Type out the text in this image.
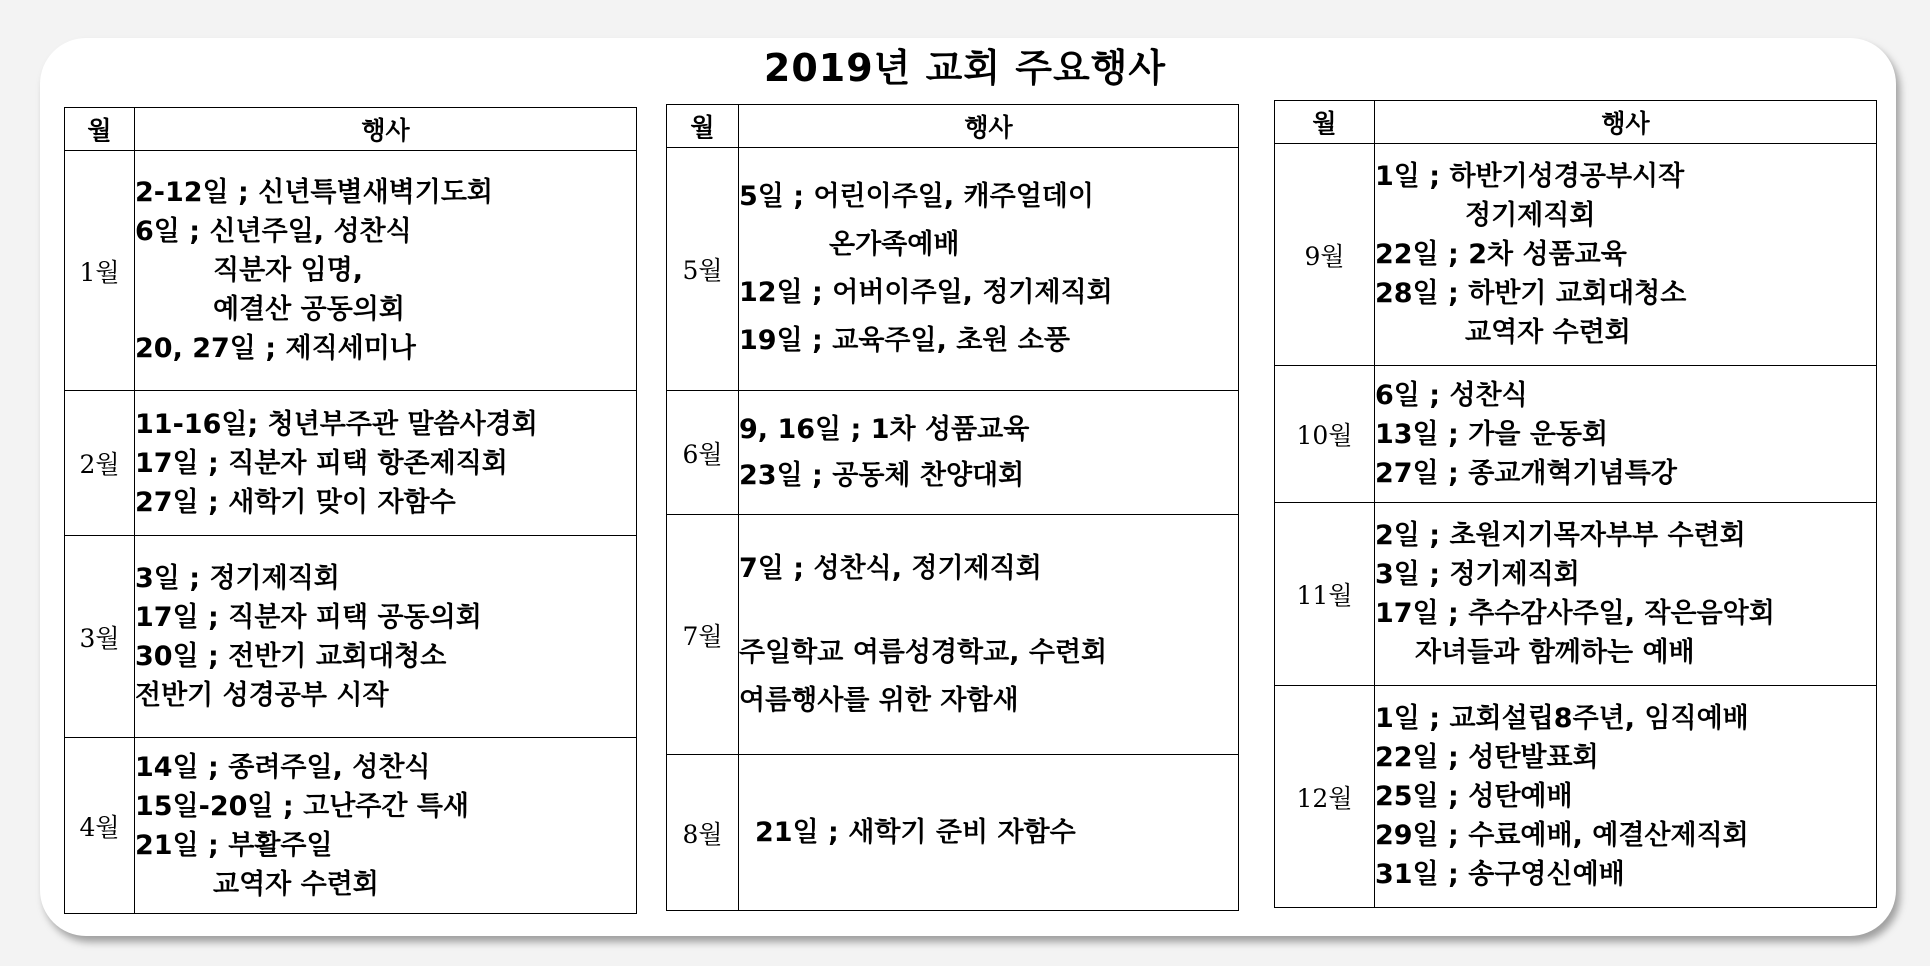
2019년 교회 주요행사
월	행사
1월	2-12일 ; 신년특별새벽기도회
6일 ; 신년주일, 성찬식
직분자 임명,
예결산 공동의회
20, 27일 ; 제직세미나

2월	11-16일; 청년부주관 말씀사경회
17일 ; 직분자 피택 항존제직회
27일 ; 새학기 맞이 자함수

3월	3일 ; 정기제직회
17일 ; 직분자 피택 공동의회
30일 ; 전반기 교회대청소
전반기 성경공부 시작

4월	14일 ; 종려주일, 성찬식
15일-20일 ; 고난주간 특새
21일 ; 부활주일
교역자 수련회
월	행사
5월	5일 ; 어린이주일, 캐주얼데이
온가족예배
12일 ; 어버이주일, 정기제직회
19일 ; 교육주일, 초원 소풍

6월	9, 16일 ; 1차 성품교육
23일 ; 공동체 찬양대회

7월	7일 ; 성찬식, 정기제직회
주일학교 여름성경학교, 수련회
여름행사를 위한 자함새

8월	21일 ; 새학기 준비 자함수
월	행사
9월	1일 ; 하반기성경공부시작
정기제직회
22일 ; 2차 성품교육
28일 ; 하반기 교회대청소
교역자 수련회

10월	6일 ; 성찬식
13일 ; 가을 운동회
27일 ; 종교개혁기념특강

11월	2일 ; 초원지기목자부부 수련회
3일 ; 정기제직회
17일 ; 추수감사주일, 작은음악회
자녀들과 함께하는 예배

12월	1일 ; 교회설립8주년, 임직예배
22일 ; 성탄발표회
25일 ; 성탄예배
29일 ; 수료예배, 예결산제직회
31일 ; 송구영신예배
